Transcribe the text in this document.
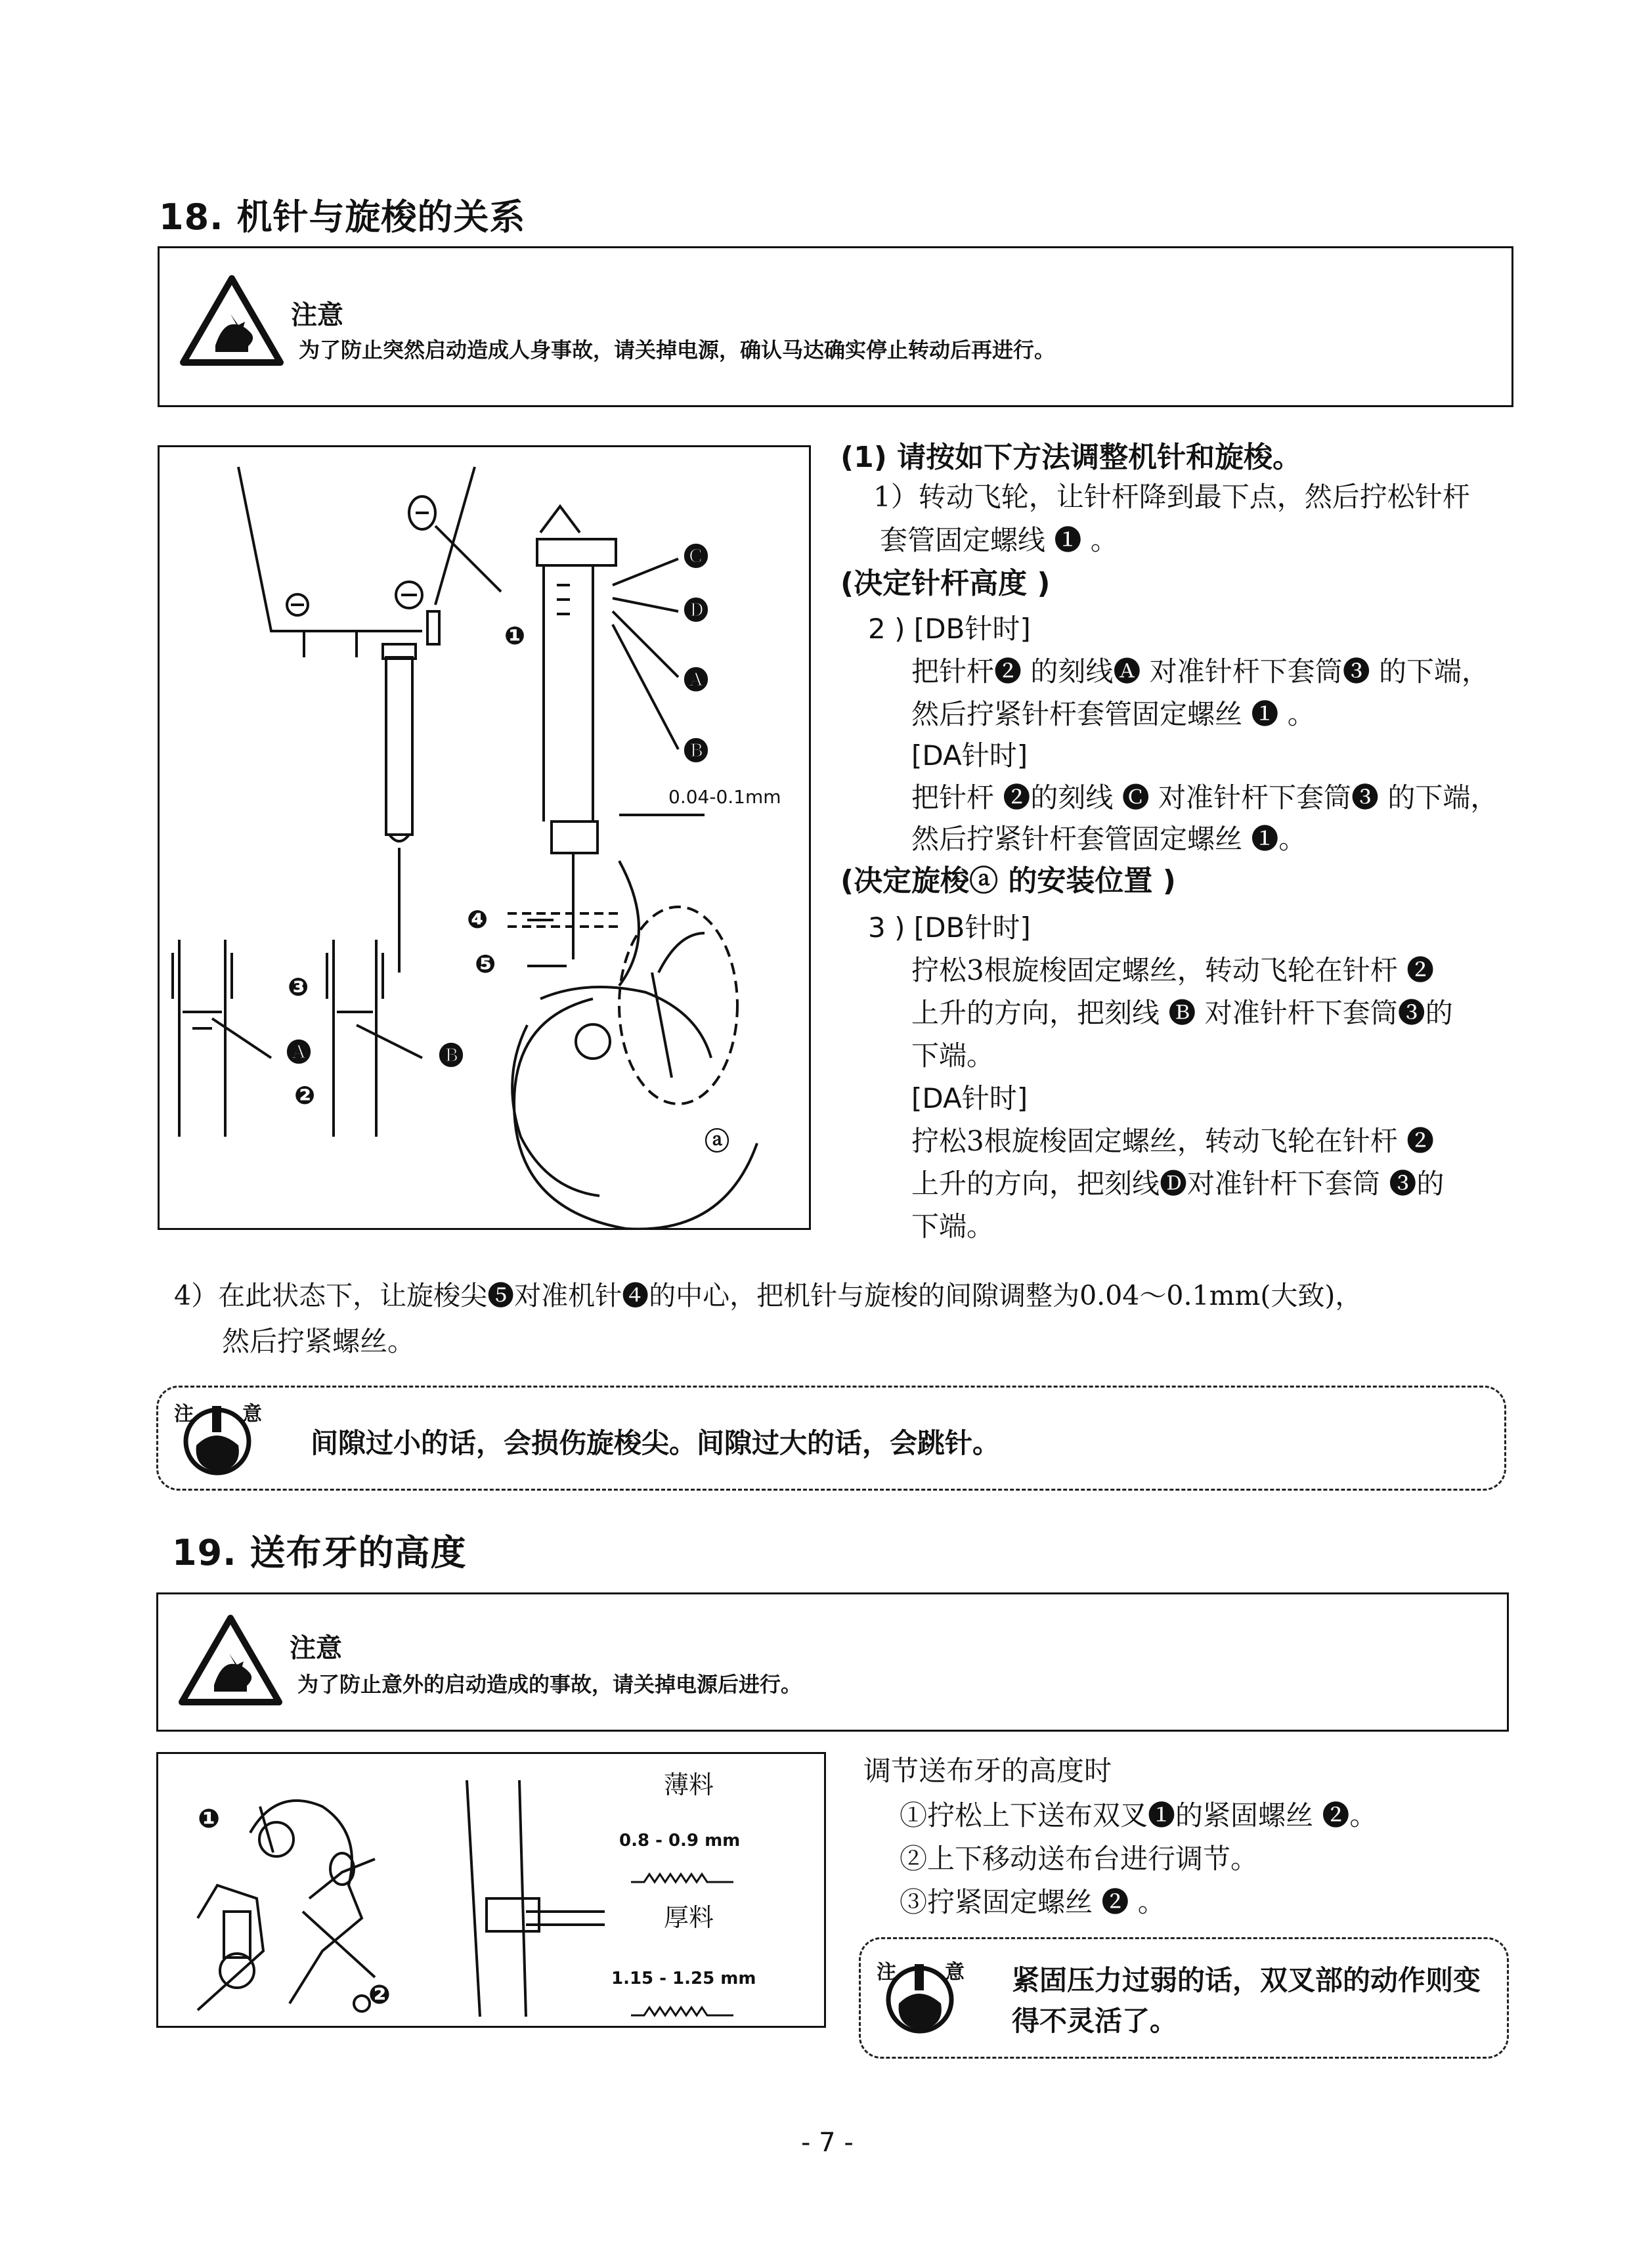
18. 机针与旋梭的关系
注意
为了防止突然启动造成人身事故，请关掉电源，确认马达确实停止转动后再进行。
❶
❷
❸
❹
❺
🅐	🅑
🅒
🅓
🅐
🅑
ⓐ
0.04-0.1mm
(1) 请按如下方法调整机针和旋梭。
1）转动飞轮，让针杆降到最下点，然后拧松针杆
套管固定螺线 ❶ 。
(决定针杆高度 )
2 ) [DB针时]
把针杆❷ 的刻线🅐 对准针杆下套筒❸ 的下端，
然后拧紧针杆套管固定螺丝 ❶ 。
[DA针时]
把针杆 ❷的刻线 🅒 对准针杆下套筒❸ 的下端，
然后拧紧针杆套管固定螺丝 ❶。
(决定旋梭ⓐ 的安装位置 )
3 ) [DB针时]
拧松3根旋梭固定螺丝，转动飞轮在针杆 ❷
上升的方向，把刻线 🅑 对准针杆下套筒❸的
下端。
[DA针时]
拧松3根旋梭固定螺丝，转动飞轮在针杆 ❷
上升的方向，把刻线🅓对准针杆下套筒 ❸的
下端。
4）在此状态下，让旋梭尖❺对准机针❹的中心，把机针与旋梭的间隙调整为0.04～0.1mm(大致)，
然后拧紧螺丝。
注 意
间隙过小的话，会损伤旋梭尖。间隙过大的话，会跳针。
19. 送布牙的高度
注意
为了防止意外的启动造成的事故，请关掉电源后进行。
❶
❷
薄料
0.8 - 0.9 mm
厚料
1.15 - 1.25 mm
调节送布牙的高度时
①拧松上下送布双叉❶的紧固螺丝 ❷。
②上下移动送布台进行调节。
③拧紧固定螺丝 ❷ 。
注 意 紧固压力过弱的话，双叉部的动作则变
得不灵活了。
- 7 -
